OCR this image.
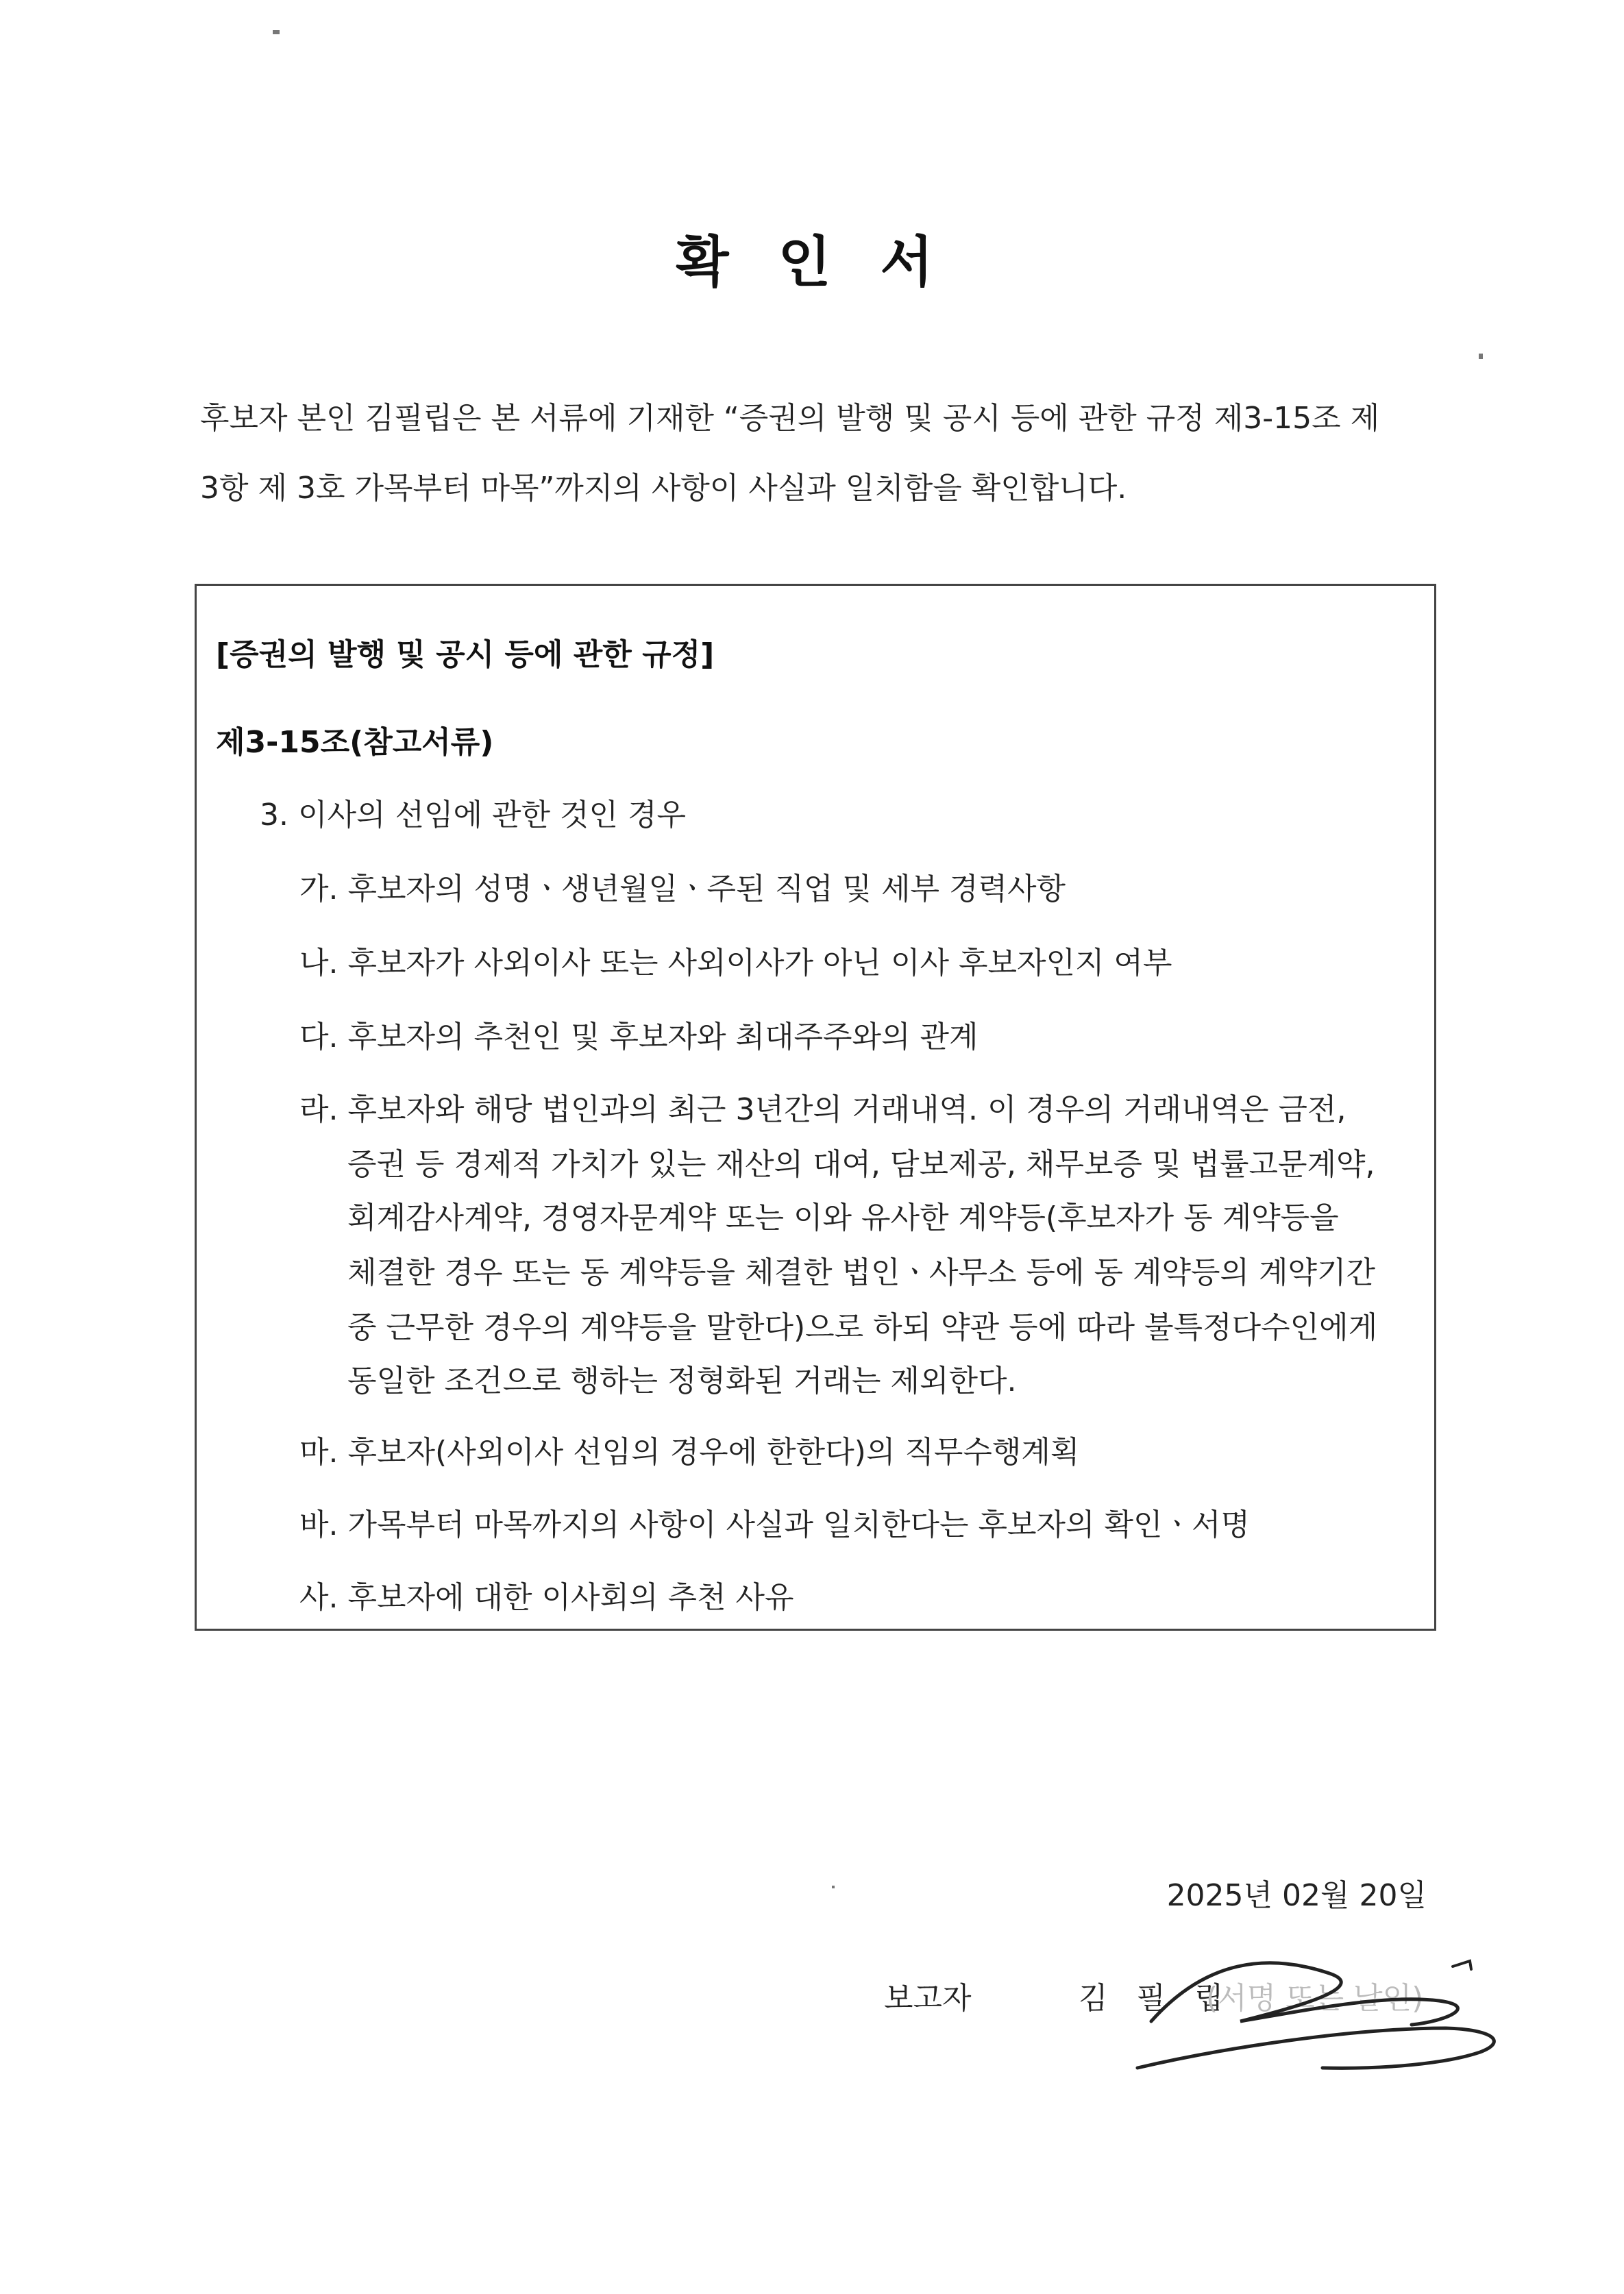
확 인 서

후보자 본인 김필립은 본 서류에 기재한 “증권의 발행 및 공시 등에 관한 규정 제3-15조 제

3항 제 3호 가목부터 마목”까지의 사항이 사실과 일치함을 확인합니다.

[증권의 발행 및 공시 등에 관한 규정]
제3-15조(참고서류)
3. 이사의 선임에 관한 것인 경우
가. 후보자의 성명ㆍ생년월일ㆍ주된 직업 및 세부 경력사항
나. 후보자가 사외이사 또는 사외이사가 아닌 이사 후보자인지 여부
다. 후보자의 추천인 및 후보자와 최대주주와의 관계
라. 후보자와 해당 법인과의 최근 3년간의 거래내역. 이 경우의 거래내역은 금전,
증권 등 경제적 가치가 있는 재산의 대여, 담보제공, 채무보증 및 법률고문계약,
회계감사계약, 경영자문계약 또는 이와 유사한 계약등(후보자가 동 계약등을
체결한 경우 또는 동 계약등을 체결한 법인ㆍ사무소 등에 동 계약등의 계약기간
중 근무한 경우의 계약등을 말한다)으로 하되 약관 등에 따라 불특정다수인에게
동일한 조건으로 행하는 정형화된 거래는 제외한다.
마. 후보자(사외이사 선임의 경우에 한한다)의 직무수행계획
바. 가목부터 마목까지의 사항이 사실과 일치한다는 후보자의 확인ㆍ서명
사. 후보자에 대한 이사회의 추천 사유
2025년 02월 20일
보고자	김 필 립
(서명 또는 날인)
